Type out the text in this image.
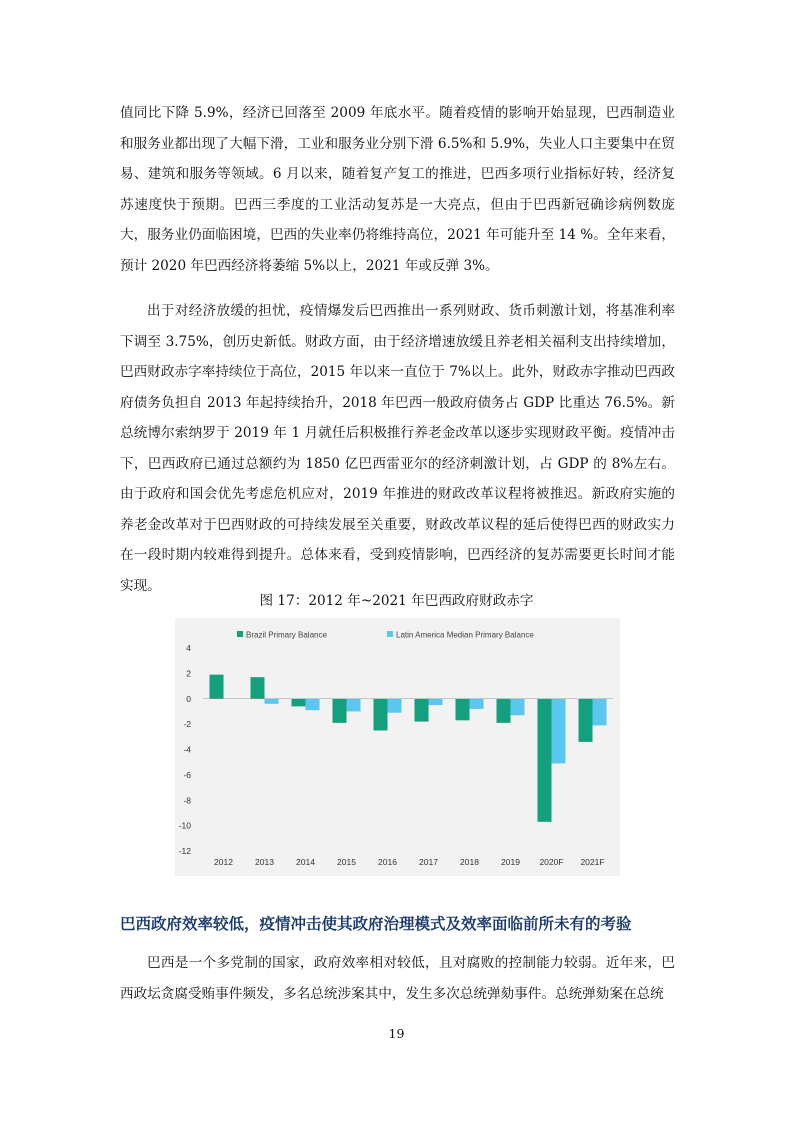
值同比下降 5.9%，经济已回落至 2009 年底水平。随着疫情的影响开始显现，巴西制造业和服务业都出现了大幅下滑，工业和服务业分别下滑 6.5%和 5.9%，失业人口主要集中在贸易、建筑和服务等领域。6 月以来，随着复产复工的推进，巴西多项行业指标好转，经济复苏速度快于预期。巴西三季度的工业活动复苏是一大亮点，但由于巴西新冠确诊病例数庞大，服务业仍面临困境，巴西的失业率仍将维持高位，2021 年可能升至 14 %。全年来看，预计 2020 年巴西经济将萎缩 5%以上，2021 年或反弹 3%。

出于对经济放缓的担忧，疫情爆发后巴西推出一系列财政、货币刺激计划，将基准利率下调至 3.75%，创历史新低。财政方面，由于经济增速放缓且养老相关福利支出持续增加，巴西财政赤字率持续位于高位，2015 年以来一直位于 7%以上。此外，财政赤字推动巴西政府债务负担自 2013 年起持续抬升，2018 年巴西一般政府债务占 GDP 比重达 76.5%。新总统博尔索纳罗于 2019 年 1 月就任后积极推行养老金改革以逐步实现财政平衡。疫情冲击下，巴西政府已通过总额约为 1850 亿巴西雷亚尔的经济刺激计划，占 GDP 的 8%左右。由于政府和国会优先考虑危机应对，2019 年推进的财政改革议程将被推迟。新政府实施的养老金改革对于巴西财政的可持续发展至关重要，财政改革议程的延后使得巴西的财政实力在一段时期内较难得到提升。总体来看，受到疫情影响，巴西经济的复苏需要更长时间才能实现。

图 17：2012 年~2021 年巴西政府财政赤字

Brazil Primary Balance	Latin America Median Primary Balance
4
2
0
-2
-4
-6
-8
-10
-12
2012	2013	2014	2015	2016	2017	2018	2019 2020F 2021F
巴西政府效率较低，疫情冲击使其政府治理模式及效率面临前所未有的考验

巴西是一个多党制的国家，政府效率相对较低，且对腐败的控制能力较弱。近年来，巴西政坛贪腐受贿事件频发，多名总统涉案其中，发生多次总统弹劾事件。总统弹劾案在总统

19
